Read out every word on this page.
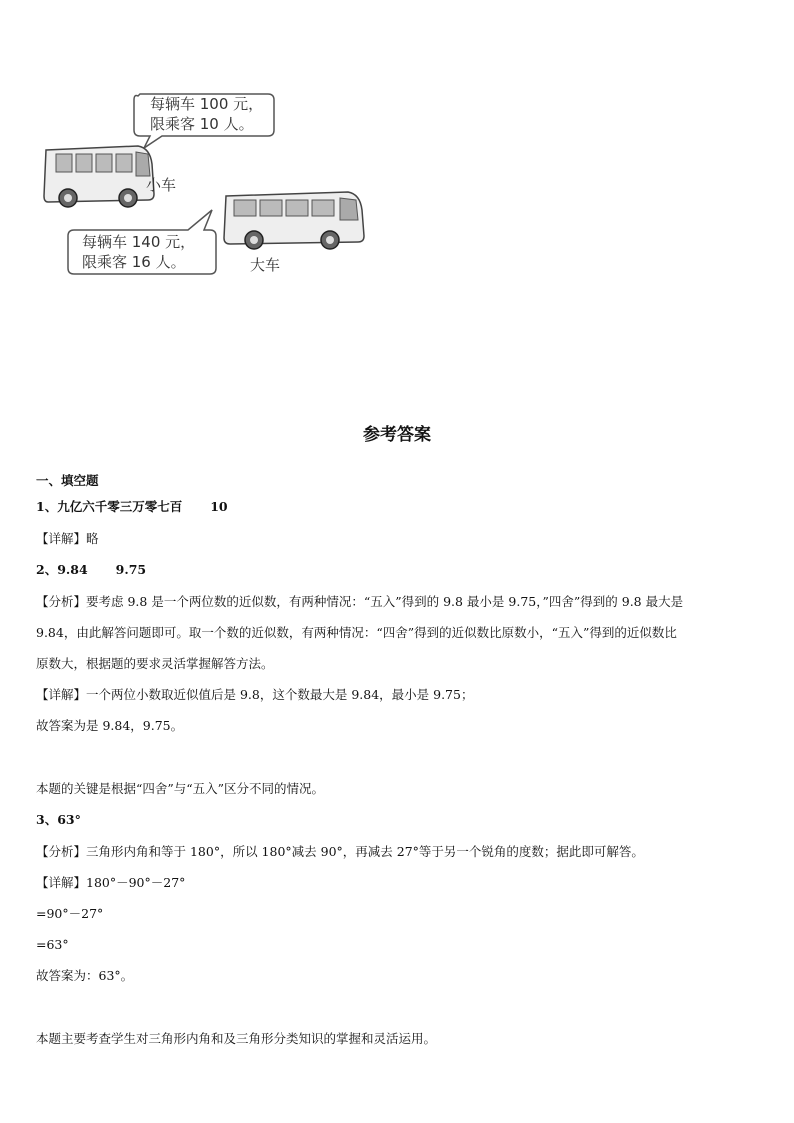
每辆车 100 元，
限乘客 10 人。
小车
每辆车 140 元，
限乘客 16 人。	大车
参考答案
一、填空题
1、九亿六千零三万零七百 10
【详解】略
2、9.84 9.75
【分析】要考虑 9.8 是一个两位数的近似数，有两种情况：“五入”得到的 9.8 最小是 9.75，”四舍”得到的 9.8 最大是
9.84，由此解答问题即可。取一个数的近似数，有两种情况：“四舍”得到的近似数比原数小，“五入”得到的近似数比
原数大，根据题的要求灵活掌握解答方法。
【详解】一个两位小数取近似值后是 9.8，这个数最大是 9.84，最小是 9.75；
故答案为是 9.84，9.75。
本题的关键是根据“四舍”与“五入”区分不同的情况。
3、63°
【分析】三角形内角和等于 180°，所以 180°减去 90°，再减去 27°等于另一个锐角的度数；据此即可解答。
【详解】180°－90°－27°
=90°－27°
=63°
故答案为：63°。
本题主要考查学生对三角形内角和及三角形分类知识的掌握和灵活运用。
